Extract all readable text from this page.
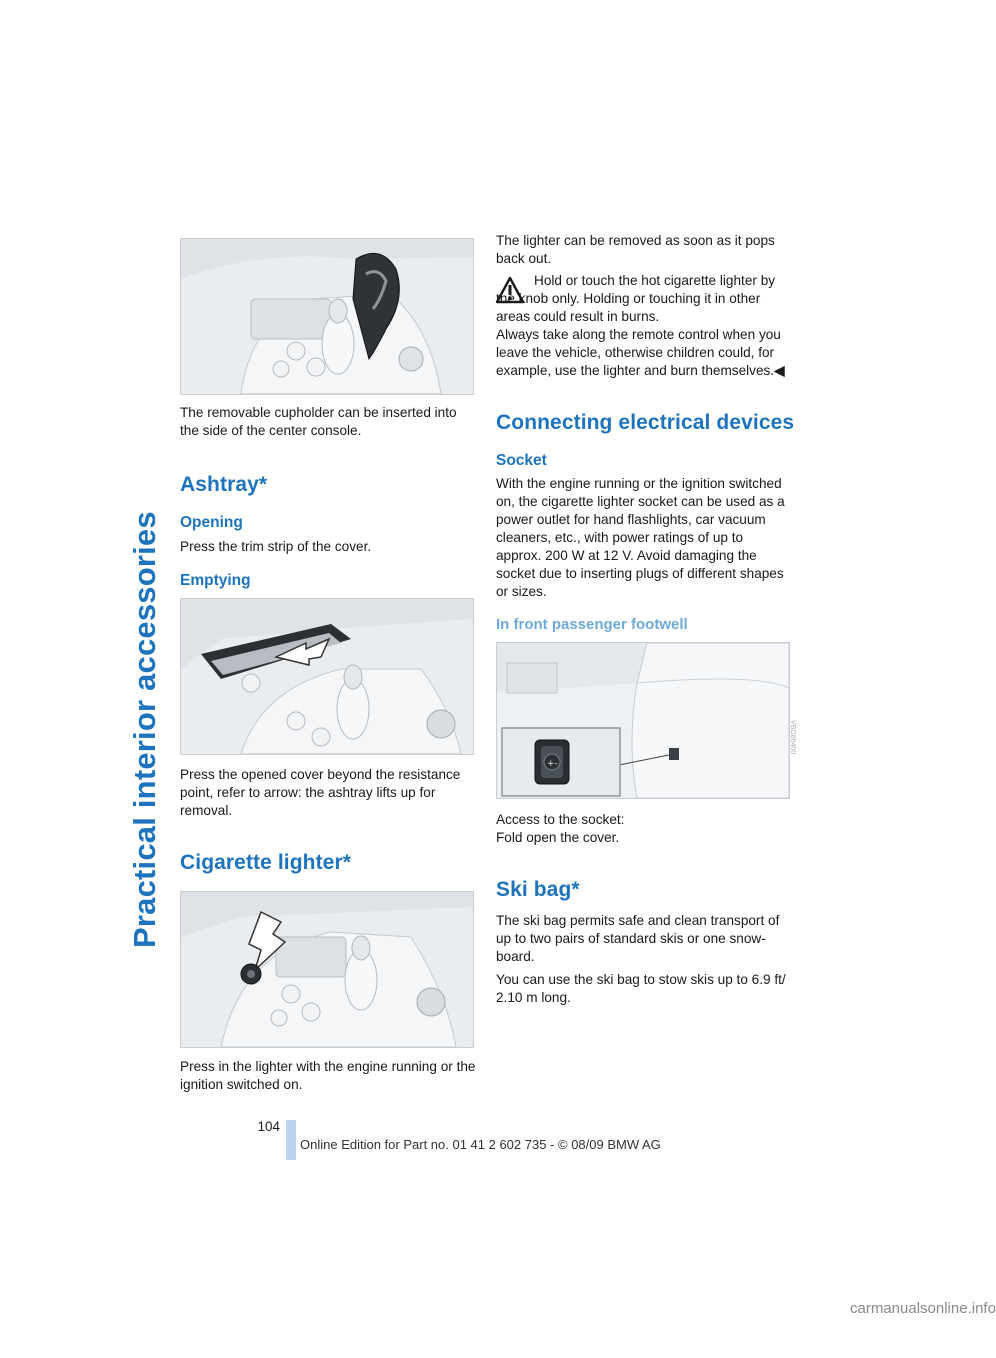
Practical interior accessories

The removable cupholder can be inserted into the side of the center console.

Ashtray*
Opening

Press the trim strip of the cover.

Emptying

Press the opened cover beyond the resistance point, refer to arrow: the ashtray lifts up for removal.

Cigarette lighter*

Press in the lighter with the engine running or the ignition switched on.

The lighter can be removed as soon as it pops back out.

Hold or touch the hot cigarette lighter by the knob only. Holding or touching it in other areas could result in burns.

Always take along the remote control when you leave the vehicle, otherwise children could, for example, use the lighter and burn themselves.◀

Connecting electrical devices
Socket

With the engine running or the ignition switched on, the cigarette lighter socket can be used as a power outlet for hand flashlights, car vacuum cleaners, etc., with power ratings of up to approx. 200 W at 12 V. Avoid damaging the socket due to inserting plugs of different shapes or sizes.

In front passenger footwell
+‑
VBG86400

Access to the socket:

Fold open the cover.

Ski bag*

The ski bag permits safe and clean transport of up to two pairs of standard skis or one snow-board.

You can use the ski bag to stow skis up to 6.9 ft/ 2.10 m long.

104
Online Edition for Part no. 01 41 2 602 735 - © 08/09 BMW AG
carmanualsonline.info
